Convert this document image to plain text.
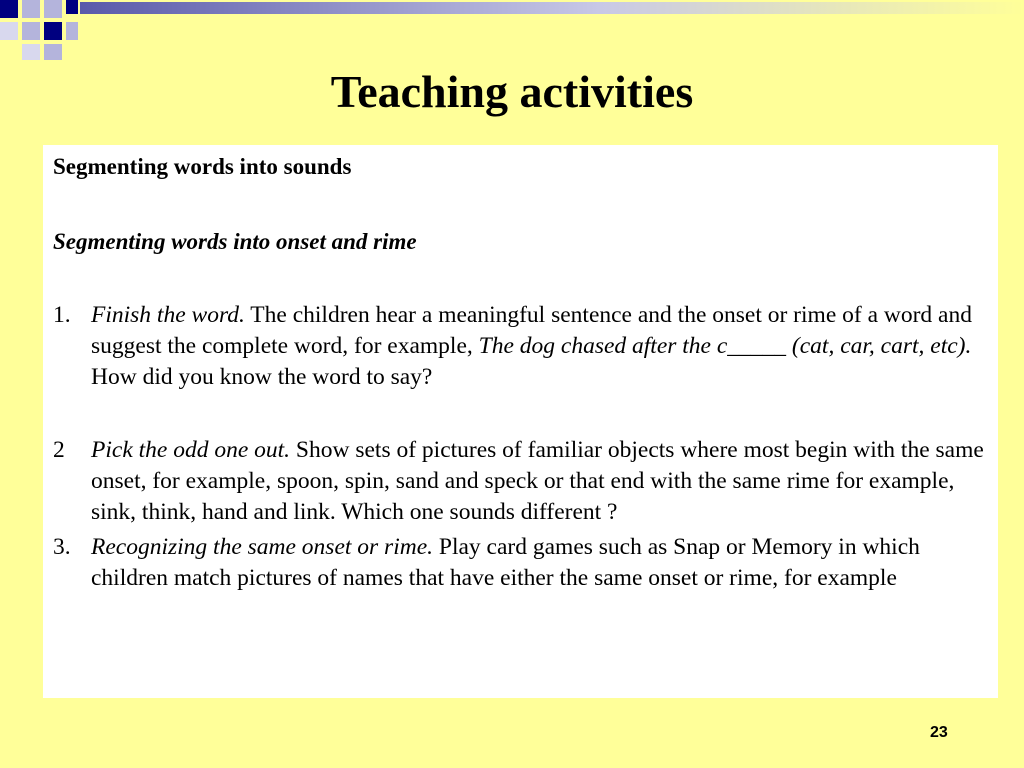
Teaching activities

Segmenting words into sounds

Segmenting words into onset and rime

1. Finish the word. The children hear a meaningful sentence and the onset or rime of a word and suggest the complete word, for example, The dog chased after the c_____ (cat, car, cart, etc). How did you know the word to say?
2	Pick the odd one out. Show sets of pictures of familiar objects where most begin with the same onset, for example, spoon, spin, sand and speck or that end with the same rime for example, sink, think, hand and link. Which one sounds different ?
3. Recognizing the same onset or rime. Play card games such as Snap or Memory in which children match pictures of names that have either the same onset or rime, for example
23
